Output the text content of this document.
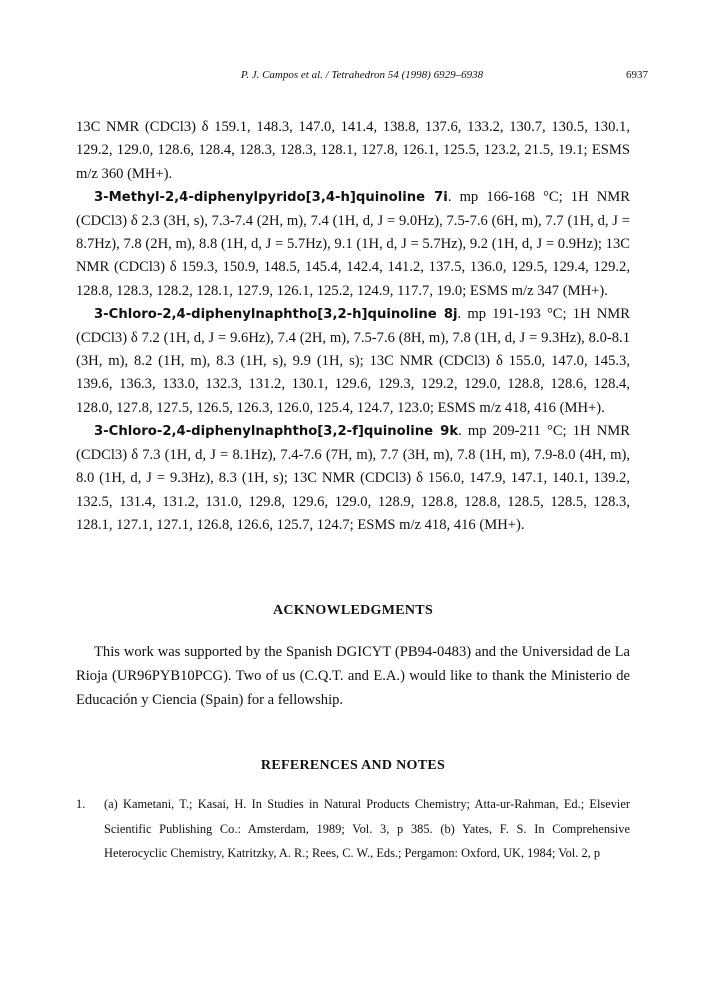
P. J. Campos et al. / Tetrahedron 54 (1998) 6929–6938	6937

13C NMR (CDCl3) δ 159.1, 148.3, 147.0, 141.4, 138.8, 137.6, 133.2, 130.7, 130.5, 130.1, 129.2, 129.0, 128.6, 128.4, 128.3, 128.3, 128.1, 127.8, 126.1, 125.5, 123.2, 21.5, 19.1; ESMS m/z 360 (MH+).

3-Methyl-2,4-diphenylpyrido[3,4-h]quinoline 7i. mp 166-168 °C; 1H NMR (CDCl3) δ 2.3 (3H, s), 7.3-7.4 (2H, m), 7.4 (1H, d, J = 9.0Hz), 7.5-7.6 (6H, m), 7.7 (1H, d, J = 8.7Hz), 7.8 (2H, m), 8.8 (1H, d, J = 5.7Hz), 9.1 (1H, d, J = 5.7Hz), 9.2 (1H, d, J = 0.9Hz); 13C NMR (CDCl3) δ 159.3, 150.9, 148.5, 145.4, 142.4, 141.2, 137.5, 136.0, 129.5, 129.4, 129.2, 128.8, 128.3, 128.2, 128.1, 127.9, 126.1, 125.2, 124.9, 117.7, 19.0; ESMS m/z 347 (MH+).

3-Chloro-2,4-diphenylnaphtho[3,2-h]quinoline 8j. mp 191-193 °C; 1H NMR (CDCl3) δ 7.2 (1H, d, J = 9.6Hz), 7.4 (2H, m), 7.5-7.6 (8H, m), 7.8 (1H, d, J = 9.3Hz), 8.0-8.1 (3H, m), 8.2 (1H, m), 8.3 (1H, s), 9.9 (1H, s); 13C NMR (CDCl3) δ 155.0, 147.0, 145.3, 139.6, 136.3, 133.0, 132.3, 131.2, 130.1, 129.6, 129.3, 129.2, 129.0, 128.8, 128.6, 128.4, 128.0, 127.8, 127.5, 126.5, 126.3, 126.0, 125.4, 124.7, 123.0; ESMS m/z 418, 416 (MH+).

3-Chloro-2,4-diphenylnaphtho[3,2-f]quinoline 9k. mp 209-211 °C; 1H NMR (CDCl3) δ 7.3 (1H, d, J = 8.1Hz), 7.4-7.6 (7H, m), 7.7 (3H, m), 7.8 (1H, m), 7.9-8.0 (4H, m), 8.0 (1H, d, J = 9.3Hz), 8.3 (1H, s); 13C NMR (CDCl3) δ 156.0, 147.9, 147.1, 140.1, 139.2, 132.5, 131.4, 131.2, 131.0, 129.8, 129.6, 129.0, 128.9, 128.8, 128.8, 128.5, 128.5, 128.3, 128.1, 127.1, 127.1, 126.8, 126.6, 125.7, 124.7; ESMS m/z 418, 416 (MH+).

ACKNOWLEDGMENTS

This work was supported by the Spanish DGICYT (PB94-0483) and the Universidad de La Rioja (UR96PYB10PCG). Two of us (C.Q.T. and E.A.) would like to thank the Ministerio de Educación y Ciencia (Spain) for a fellowship.

REFERENCES AND NOTES

1.	(a) Kametani, T.; Kasai, H. In Studies in Natural Products Chemistry; Atta-ur-Rahman, Ed.; Elsevier Scientific Publishing Co.: Amsterdam, 1989; Vol. 3, p 385. (b) Yates, F. S. In Comprehensive Heterocyclic Chemistry, Katritzky, A. R.; Rees, C. W., Eds.; Pergamon: Oxford, UK, 1984; Vol. 2, p
